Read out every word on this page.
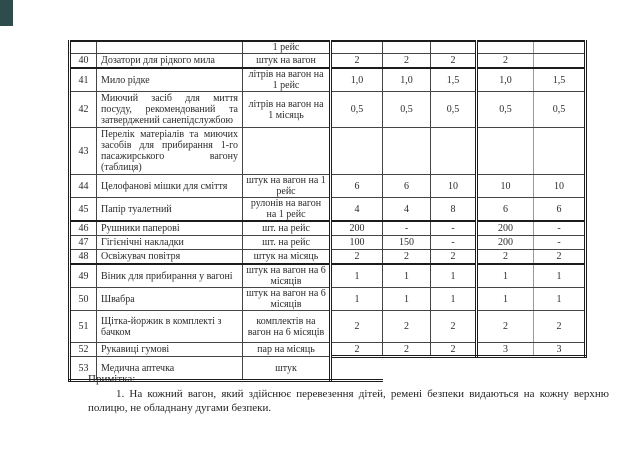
		1 рейс					
40	Дозатори для рідкого мила	штук на вагон	2	2	2	2	
41	Мило рідке	літрів на вагон на 1 рейс	1,0	1,0	1,5	1,0	1,5
42	Миючий засіб для миття посуду, рекомендований та затверджений санепідслужбою	літрів на вагон на 1 місяць	0,5	0,5	0,5	0,5	0,5
43	Перелік матеріалів та миючих засобів для прибирання 1-го пасажирського вагону (таблиця)						
44	Целофанові мішки для сміття	штук на вагон на 1 рейс	6	6	10	10	10
45	Папір туалетний	рулонів на вагон на 1 рейс	4	4	8	6	6
46	Рушники паперові	шт. на рейс	200	-	-	200	-
47	Гігієнічні накладки	шт. на рейс	100	150	-	200	-
48	Освіжувач повітря	штук на місяць	2	2	2	2	2
49	Віник для прибирання у вагоні	штук на вагон на 6 місяців	1	1	1	1	1
50	Швабра	штук на вагон на 6 місяців	1	1	1	1	1
51	Щітка-йоржик в комплекті з бачком	комплектів на вагон на 6 місяців	2	2	2	2	2
52	Рукавиці гумові	пар на місяць	2	2	2	3	3
53	Медична аптечка	штук					
Примітка:

1. На кожний вагон, який здійснює перевезення дітей, ремені безпеки видаються на кожну верхню полицю, не обладнану дугами безпеки.
